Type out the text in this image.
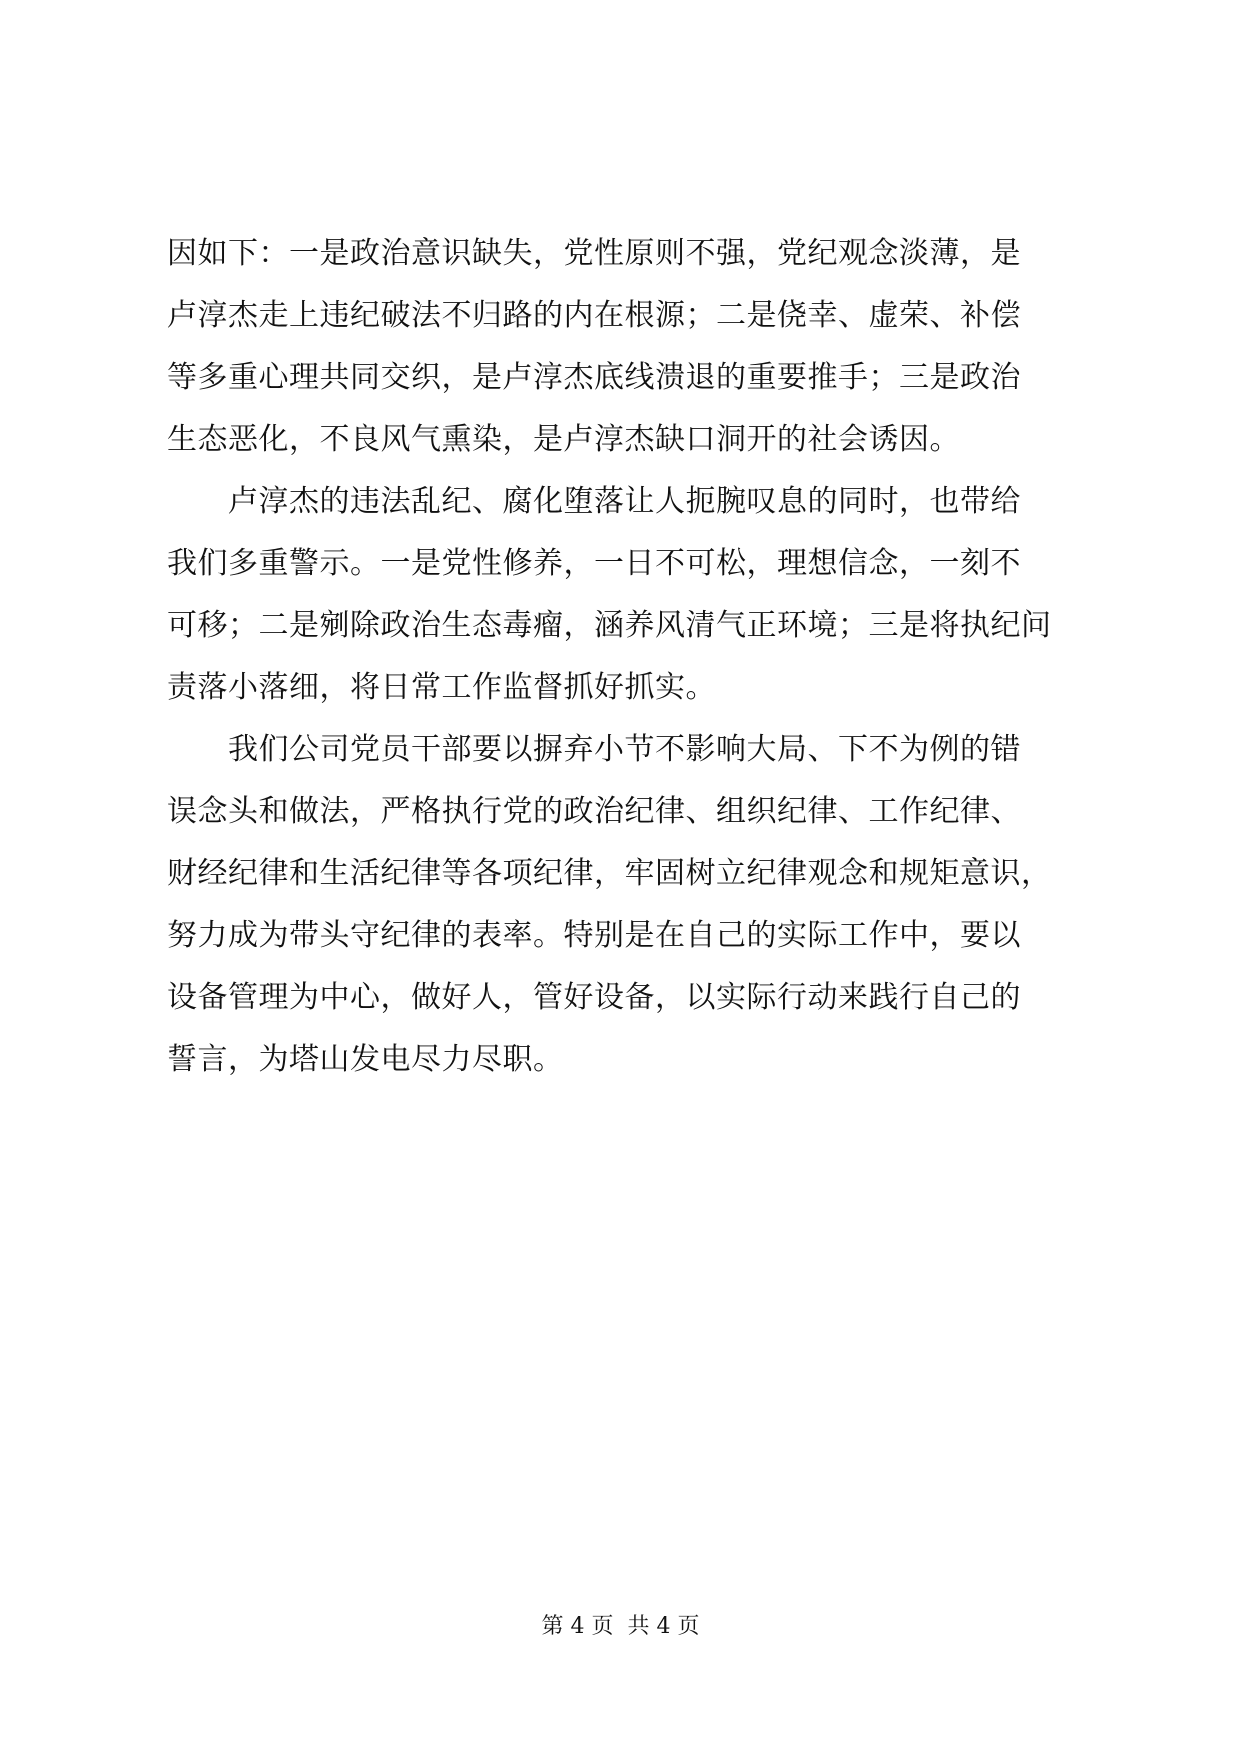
因如下：一是政治意识缺失，党性原则不强，党纪观念淡薄，是
卢淳杰走上违纪破法不归路的内在根源；二是侥幸、虚荣、补偿
等多重心理共同交织，是卢淳杰底线溃退的重要推手；三是政治
生态恶化，不良风气熏染，是卢淳杰缺口洞开的社会诱因。
　　卢淳杰的违法乱纪、腐化堕落让人扼腕叹息的同时，也带给
我们多重警示。一是党性修养，一日不可松，理想信念，一刻不
可移；二是剜除政治生态毒瘤，涵养风清气正环境；三是将执纪问
责落小落细，将日常工作监督抓好抓实。
　　我们公司党员干部要以摒弃小节不影响大局、下不为例的错
误念头和做法，严格执行党的政治纪律、组织纪律、工作纪律、
财经纪律和生活纪律等各项纪律，牢固树立纪律观念和规矩意识，
努力成为带头守纪律的表率。特别是在自己的实际工作中，要以
设备管理为中心，做好人，管好设备，以实际行动来践行自己的
誓言，为塔山发电尽力尽职。
第 4 页  共 4 页
